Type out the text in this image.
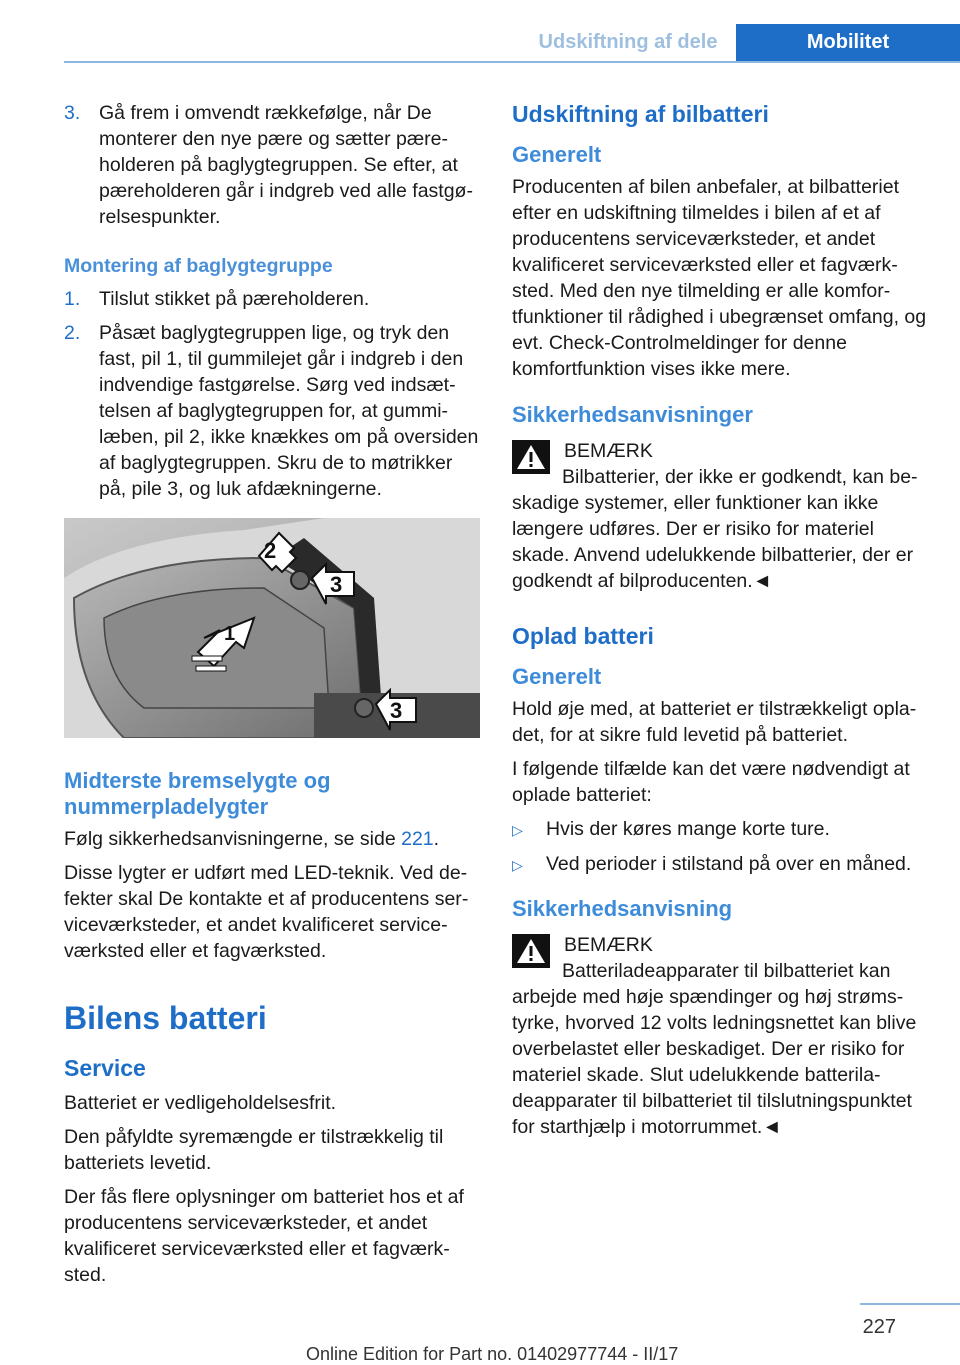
Udskiftning af dele	Mobilitet
3. Gå frem i omvendt rækkefølge, når De monterer den nye pære og sætter pæreholderen på baglygtegruppen. Se efter, at pæreholderen går i indgreb ved alle fastgørelsespunkter.
Montering af baglygtegruppe
1. Tilslut stikket på pæreholderen.
2. Påsæt baglygtegruppen lige, og tryk den fast, pil 1, til gummilejet går i indgreb i den indvendige fastgørelse. Sørg ved indsættelsen af baglygtegruppen for, at gummilæben, pil 2, ikke knækkes om på oversiden af baglygtegruppen. Skru de to møtrikker på, pile 3, og luk afdækningerne.
2
3
1
3
Midterste bremselygte og nummerpladelygter

Følg sikkerhedsanvisningerne, se side 221.

Disse lygter er udført med LED-teknik. Ved defekter skal De kontakte et af producentens serviceværksteder, et andet kvalificeret serviceværksted eller et fagværksted.

Bilens batteri
Service

Batteriet er vedligeholdelsesfrit.

Den påfyldte syremængde er tilstrækkelig til batteriets levetid.

Der fås flere oplysninger om batteriet hos et af producentens serviceværksteder, et andet kvalificeret serviceværksted eller et fagværksted.

Udskiftning af bilbatteri
Generelt

Producenten af bilen anbefaler, at bilbatteriet efter en udskiftning tilmeldes i bilen af et af producentens serviceværksteder, et andet kvalificeret serviceværksted eller et fagværksted. Med den nye tilmelding er alle komfortfunktioner til rådighed i ubegrænset omfang, og evt. Check-Controlmeldinger for denne komfortfunktion vises ikke mere.

Sikkerhedsanvisninger
BEMÆRK
Bilbatterier, der ikke er godkendt, kan beskadige systemer, eller funktioner kan ikke længere udføres. Der er risiko for materiel skade. Anvend udelukkende bilbatterier, der er godkendt af bilproducenten.◄
Oplad batteri
Generelt

Hold øje med, at batteriet er tilstrækkeligt opladet, for at sikre fuld levetid på batteriet.

I følgende tilfælde kan det være nødvendigt at oplade batteriet:

▷	Hvis der køres mange korte ture.
▷	Ved perioder i stilstand på over en måned.
Sikkerhedsanvisning
BEMÆRK
Batteriladeapparater til bilbatteriet kan arbejde med høje spændinger og høj strømstyrke, hvorved 12 volts ledningsnettet kan blive overbelastet eller beskadiget. Der er risiko for materiel skade. Slut udelukkende batteriladeapparater til bilbatteriet til tilslutningspunktet for starthjælp i motorrummet.◄
227
Online Edition for Part no. 01402977744 - II/17
